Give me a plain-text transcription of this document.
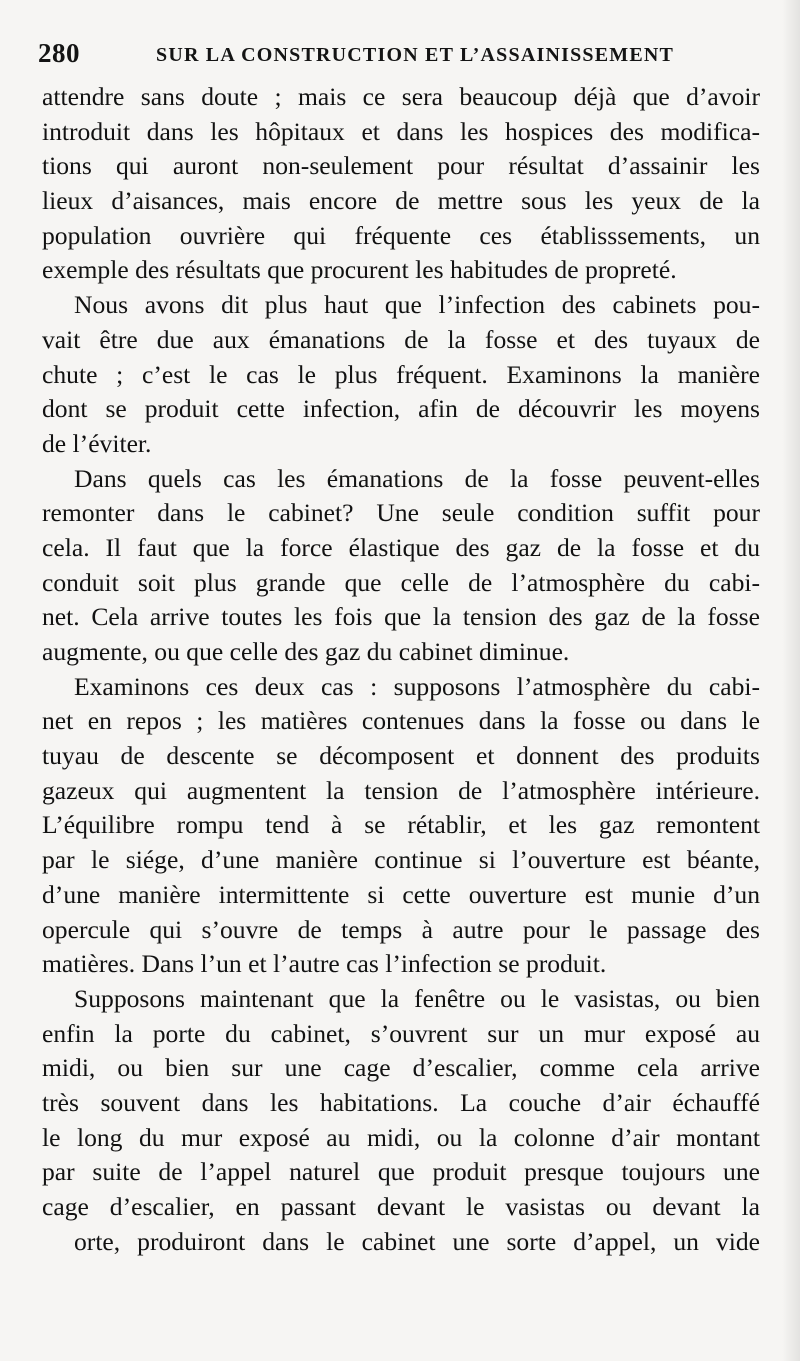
280	SUR LA CONSTRUCTION ET L’ASSAINISSEMENT
attendre sans doute ; mais ce sera beaucoup déjà que d’avoir
introduit dans les hôpitaux et dans les hospices des modifica-
tions qui auront non-seulement pour résultat d’assainir les
lieux d’aisances, mais encore de mettre sous les yeux de la
population ouvrière qui fréquente ces établisssements, un
exemple des résultats que procurent les habitudes de propreté.
Nous avons dit plus haut que l’infection des cabinets pou-
vait être due aux émanations de la fosse et des tuyaux de
chute ; c’est le cas le plus fréquent. Examinons la manière
dont se produit cette infection, afin de découvrir les moyens
de l’éviter.
Dans quels cas les émanations de la fosse peuvent-elles
remonter dans le cabinet? Une seule condition suffit pour
cela. Il faut que la force élastique des gaz de la fosse et du
conduit soit plus grande que celle de l’atmosphère du cabi-
net. Cela arrive toutes les fois que la tension des gaz de la fosse
augmente, ou que celle des gaz du cabinet diminue.
Examinons ces deux cas : supposons l’atmosphère du cabi-
net en repos ; les matières contenues dans la fosse ou dans le
tuyau de descente se décomposent et donnent des produits
gazeux qui augmentent la tension de l’atmosphère intérieure.
L’équilibre rompu tend à se rétablir, et les gaz remontent
par le siége, d’une manière continue si l’ouverture est béante,
d’une manière intermittente si cette ouverture est munie d’un
opercule qui s’ouvre de temps à autre pour le passage des
matières. Dans l’un et l’autre cas l’infection se produit.
Supposons maintenant que la fenêtre ou le vasistas, ou bien
enfin la porte du cabinet, s’ouvrent sur un mur exposé au
midi, ou bien sur une cage d’escalier, comme cela arrive
très souvent dans les habitations. La couche d’air échauffé
le long du mur exposé au midi, ou la colonne d’air montant
par suite de l’appel naturel que produit presque toujours une
cage d’escalier, en passant devant le vasistas ou devant la
orte, produiront dans le cabinet une sorte d’appel, un vide
